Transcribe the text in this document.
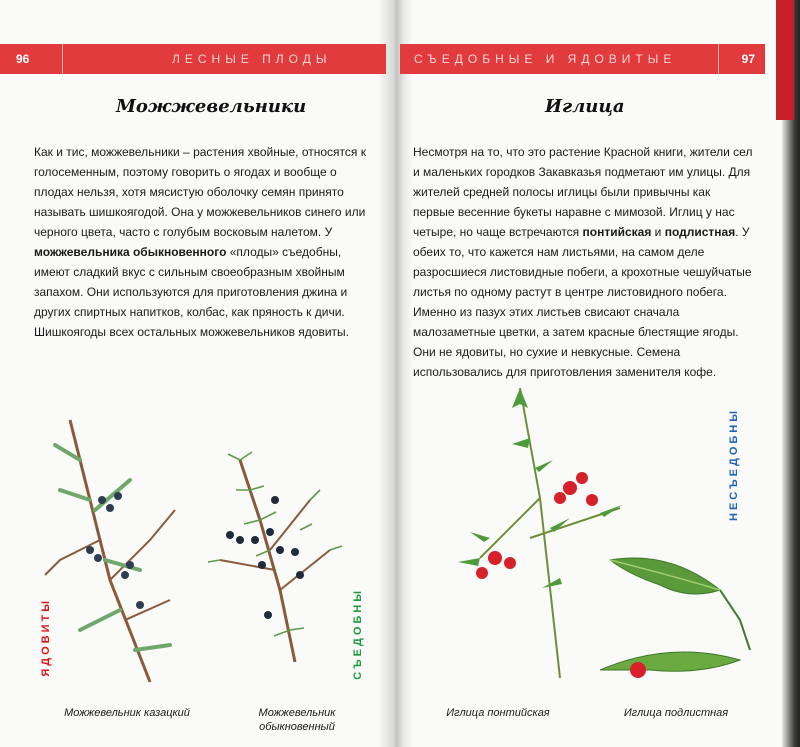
96	ЛЕСНЫЕ ПЛОДЫ	СЪЕДОБНЫЕ И ЯДОВИТЫЕ	97
Можжевельники	Иглица
Как и тис, можжевельники – растения хвойные, относятся к голосеменным, поэтому говорить о ягодах и вообще о плодах нельзя, хотя мясистую оболочку семян принято называть шишкоягодой. Она у можжевельников синего или черного цвета, часто с голубым восковым налетом. У можжевельника обыкновенного «плоды» съедобны, имеют сладкий вкус с сильным своеобразным хвойным запахом. Они используются для приготовления джина и других спиртных напитков, колбас, как пряность к дичи. Шишкоягоды всех остальных можжевельников ядовиты.
Несмотря на то, что это растение Красной книги, жители сел и маленьких городков Закавказья подметают им улицы. Для жителей средней полосы иглицы были привычны как первые весенние букеты наравне с мимозой. Иглиц у нас четыре, но чаще встречаются понтийская и подлистная. У обеих то, что кажется нам листьями, на самом деле разросшиеся листовидные побеги, а крохотные чешуйчатые листья по одному растут в центре листовидного побега. Именно из пазух этих листьев свисают сначала малозаметные цветки, а затем красные блестящие ягоды. Они не ядовиты, но сухие и невкусные. Семена использовались для приготовления заменителя кофе.
ЯДОВИТЫ	СЪЕДОБНЫ
НЕСЪЕДОБНЫ
Можжевельник казацкий	Можжевельник обыкновенный
Иглица понтийская	Иглица подлистная
